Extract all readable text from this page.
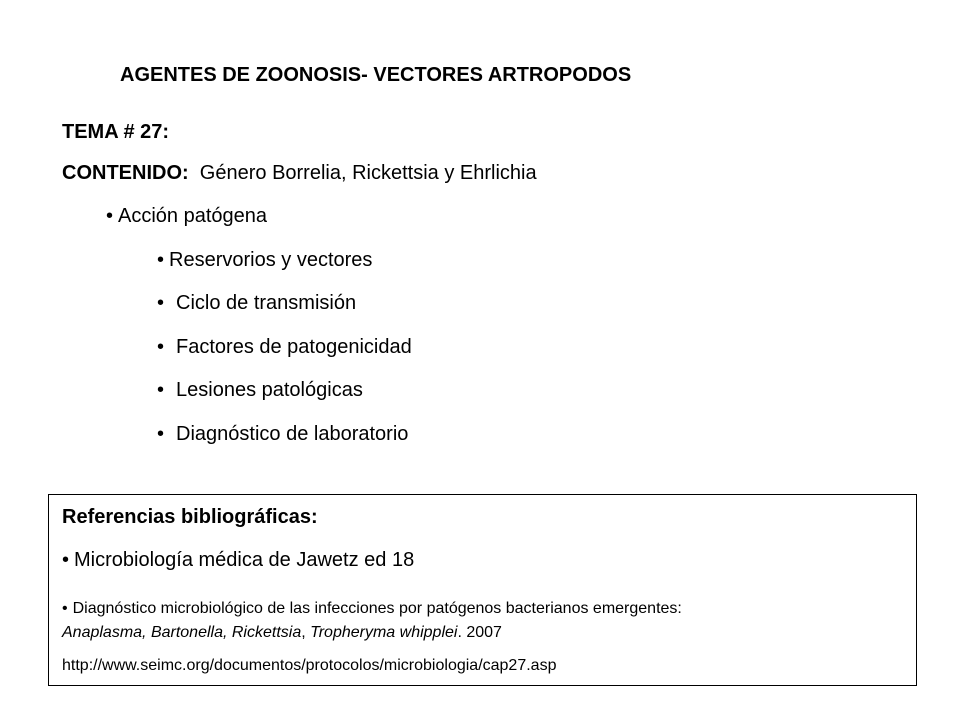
AGENTES DE ZOONOSIS- VECTORES ARTROPODOS
TEMA # 27:
CONTENIDO: Género Borrelia, Rickettsia y Ehrlichia
• Acción patógena
• Reservorios y vectores
• Ciclo de transmisión
• Factores de patogenicidad
• Lesiones patológicas
• Diagnóstico de laboratorio
Referencias bibliográficas:
• Microbiología médica de Jawetz ed 18
• Diagnóstico microbiológico de las infecciones por patógenos bacterianos emergentes:
Anaplasma, Bartonella, Rickettsia, Tropheryma whipplei. 2007
http://www.seimc.org/documentos/protocolos/microbiologia/cap27.asp
